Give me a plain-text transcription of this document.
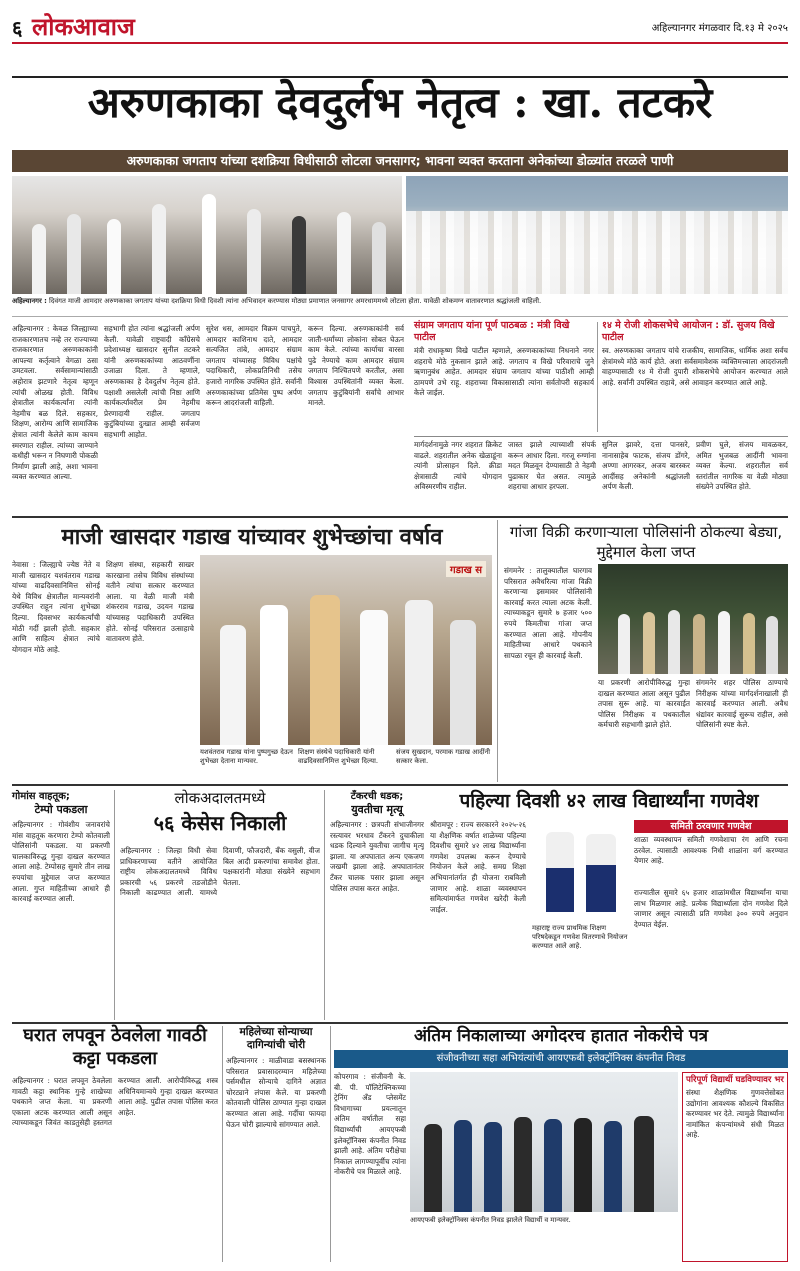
६ लोकआवाज	अहिल्यानगर मंगळवार दि.१३ मे २०२५
अरुणकाका देवदुर्लभ नेतृत्व : खा. तटकरे
अरुणकाका जगताप यांच्या दशक्रिया विधीसाठी लोटला जनसागर; भावना व्यक्त करताना अनेकांच्या डोळ्यांत तरळले पाणी
अहिल्यानगर : दिवंगत माजी आमदार अरुणकाका जगताप यांच्या दशक्रिया विधी दिवशी त्यांना अभिवादन करण्यास मोठ्या प्रमाणात जनसागर अमरधाममध्ये लोटला होता. यावेळी शोकमग्न वातावरणात श्रद्धांजली वाहिली.
अहिल्यानगर : केवळ जिल्ह्याच्या राजकारणातच नव्हे तर राज्याच्या राजकारणात अरुणकाकांनी आपल्या कर्तृत्वाने वेगळा ठसा उमटवला. सर्वसामान्यांसाठी अहोरात्र झटणारे नेतृत्व म्हणून त्यांची ओळख होती. विविध क्षेत्रातील कार्यकर्त्यांना त्यांनी नेहमीच बळ दिले. सहकार, शिक्षण, आरोग्य आणि सामाजिक क्षेत्रात त्यांनी केलेले काम कायम स्मरणात राहील. त्यांच्या जाण्याने कधीही भरून न निघणारी पोकळी निर्माण झाली आहे, अशा भावना व्यक्त करण्यात आल्या.
सहभागी होत त्यांना श्रद्धांजली अर्पण केली. यावेळी राष्ट्रवादी काँग्रेसचे प्रदेशाध्यक्ष खासदार सुनील तटकरे यांनी अरुणकाकांच्या आठवणींना उजाळा दिला. ते म्हणाले, अरुणकाका हे देवदुर्लभ नेतृत्व होते. पक्षाशी असलेली त्यांची निष्ठा आणि कार्यकर्त्यांवरील प्रेम नेहमीच प्रेरणादायी राहील. जगताप कुटुंबियांच्या दुःखात आम्ही सर्वजण सहभागी आहोत.
सुरेश धस, आमदार विक्रम पाचपुते, आमदार काशिनाथ दाते, आमदार सत्यजित तांबे, आमदार संग्राम जगताप यांच्यासह विविध पक्षांचे पदाधिकारी, लोकप्रतिनिधी तसेच हजारो नागरिक उपस्थित होते. सर्वांनी अरुणकाकांच्या प्रतिमेस पुष्प अर्पण करून आदरांजली वाहिली.
करून दिल्या. अरुणकाकांनी सर्व जाती-धर्मांच्या लोकांना सोबत घेऊन काम केले. त्यांच्या कार्याचा वारसा पुढे नेण्याचे काम आमदार संग्राम जगताप निश्चितपणे करतील, असा विश्वास उपस्थितांनी व्यक्त केला. जगताप कुटुंबियांनी सर्वांचे आभार मानले.
संग्राम जगताप यांना पूर्ण पाठबळ : मंत्री विखे पाटील
मंत्री राधाकृष्ण विखे पाटील म्हणाले, अरुणकाकांच्या निधनाने नगर शहराचे मोठे नुकसान झाले आहे. जगताप व विखे परिवाराचे जुने ऋणानुबंध आहेत. आमदार संग्राम जगताप यांच्या पाठीशी आम्ही ठामपणे उभे राहू. शहराच्या विकासासाठी त्यांना सर्वतोपरी सहकार्य केले जाईल.
१४ मे रोजी शोकसभेचे आयोजन : डॉ. सुजय विखे पाटील
स्व. अरुणकाका जगताप यांचे राजकीय, सामाजिक, धार्मिक अशा सर्वच क्षेत्रांमध्ये मोठे कार्य होते. अशा सर्वसमावेशक व्यक्तिमत्त्वाला आदरांजली वाहण्यासाठी १४ मे रोजी दुपारी शोकसभेचे आयोजन करण्यात आले आहे. सर्वांनी उपस्थित राहावे, असे आवाहन करण्यात आले आहे.
मार्गदर्शनामुळे नगर शहरात क्रिकेट वाढले. शहरातील अनेक खेळाडूंना त्यांनी प्रोत्साहन दिले. क्रीडा क्षेत्रासाठी त्यांचे योगदान अविस्मरणीय राहील.
जास्त झाले त्याच्याशी संपर्क करून आधार दिला. गरजू रुग्णांना मदत मिळवून देण्यासाठी ते नेहमी पुढाकार घेत असत. त्यामुळे शहराचा आधार हरपला.
सुनिल झावरे, दत्ता पानसरे, नानासाहेब फाटक, संजय डोंगरे, अण्णा आगरकर, अजय बारस्कर आदींसह अनेकांनी श्रद्धांजली अर्पण केली.
प्रवीण घुले, संजय मावळकर, अमित भुजबळ आदींनी भावना व्यक्त केल्या. शहरातील सर्व स्तरांतील नागरिक या वेळी मोठ्या संख्येने उपस्थित होते.
माजी खासदार गडाख यांच्यावर शुभेच्छांचा वर्षाव
नेवासा : जिल्ह्याचे ज्येष्ठ नेते व माजी खासदार यशवंतराव गडाख यांच्या वाढदिवसानिमित्त सोनई येथे विविध क्षेत्रातील मान्यवरांनी उपस्थित राहून त्यांना शुभेच्छा दिल्या. दिवसभर कार्यकर्त्यांची मोठी गर्दी झाली होती. सहकार आणि साहित्य क्षेत्रात त्यांचे योगदान मोठे आहे.
शिक्षण संस्था, सहकारी साखर कारखाना तसेच विविध संस्थांच्या वतीने त्यांचा सत्कार करण्यात आला. या वेळी माजी मंत्री शंकरराव गडाख, उदयन गडाख यांच्यासह पदाधिकारी उपस्थित होते. सोनई परिसरात उत्साहाचे वातावरण होते.
गडाख स
यशवंतराव गडाख यांना पुष्पगुच्छ देऊन शुभेच्छा देताना मान्यवर.
शिक्षण संस्थेचे पदाधिकारी यांनी वाढदिवसानिमित्त शुभेच्छा दिल्या.
संजय सुखदान, परमाक गडाख आदींनी सत्कार केला.
गांजा विक्री करणाऱ्याला पोलिसांनी ठोकल्या बेड्या, मुद्देमाल केला जप्त
संगमनेर : तालुक्यातील घारगाव परिसरात अवैधरित्या गांजा विक्री करणाऱ्या इसमावर पोलिसांनी कारवाई करत त्याला अटक केली. त्याच्याकडून सुमारे ७ हजार ५०० रुपये किमतीचा गांजा जप्त करण्यात आला आहे. गोपनीय माहितीच्या आधारे पथकाने सापळा रचून ही कारवाई केली.
या प्रकरणी आरोपीविरुद्ध गुन्हा दाखल करण्यात आला असून पुढील तपास सुरू आहे. या कारवाईत पोलिस निरीक्षक व पथकातील कर्मचारी सहभागी झाले होते.
संगमनेर शहर पोलिस ठाण्याचे निरीक्षक यांच्या मार्गदर्शनाखाली ही कारवाई करण्यात आली. अवैध धंद्यांवर कारवाई सुरूच राहील, असे पोलिसांनी स्पष्ट केले.
गोमांस वाहतूक;
टेम्पो पकडला
अहिल्यानगर : गोवंशीय जनावरांचे मांस वाहतूक करणारा टेम्पो कोतवाली पोलिसांनी पकडला. या प्रकरणी चालकाविरुद्ध गुन्हा दाखल करण्यात आला आहे. टेम्पोसह सुमारे तीन लाख रुपयांचा मुद्देमाल जप्त करण्यात आला. गुप्त माहितीच्या आधारे ही कारवाई करण्यात आली.
लोकअदालतमध्ये
५६ केसेस निकाली
अहिल्यानगर : जिल्हा विधी सेवा प्राधिकरणाच्या वतीने आयोजित राष्ट्रीय लोकअदालतमध्ये विविध प्रकारची ५६ प्रकरणे तडजोडीने निकाली काढण्यात आली. यामध्ये दिवाणी, फौजदारी, बँक वसुली, वीज बिल आदी प्रकरणांचा समावेश होता. पक्षकारांनी मोठ्या संख्येने सहभाग घेतला.
टँकरची धडक;
युवतीचा मृत्यू
अहिल्यानगर : छत्रपती संभाजीनगर रस्त्यावर भरधाव टँकरने दुचाकीला धडक दिल्याने युवतीचा जागीच मृत्यू झाला. या अपघातात अन्य एकजण जखमी झाला आहे. अपघातानंतर टँकर चालक पसार झाला असून पोलिस तपास करत आहेत.
पहिल्या दिवशी ४२ लाख विद्यार्थ्यांना गणवेश
श्रीरामपूर : राज्य सरकारने २०२५-२६ या शैक्षणिक वर्षात शाळेच्या पहिल्या दिवशीच सुमारे ४२ लाख विद्यार्थ्यांना गणवेश उपलब्ध करून देण्याचे नियोजन केले आहे. समग्र शिक्षा अभियानांतर्गत ही योजना राबविली जाणार आहे. शाळा व्यवस्थापन समित्यांमार्फत गणवेश खरेदी केली जाईल.
महाराष्ट्र राज्य प्राथमिक शिक्षण परिषदेकडून गणवेश वितरणाचे नियोजन करण्यात आले आहे.
समिती ठरवणार गणवेश
शाळा व्यवस्थापन समिती गणवेशाचा रंग आणि रचना ठरवेल. त्यासाठी आवश्यक निधी शाळांना वर्ग करण्यात येणार आहे.
राज्यातील सुमारे ६५ हजार शाळांमधील विद्यार्थ्यांना याचा लाभ मिळणार आहे. प्रत्येक विद्यार्थ्याला दोन गणवेश दिले जाणार असून त्यासाठी प्रति गणवेश ३०० रुपये अनुदान देण्यात येईल.
घरात लपवून ठेवलेला गावठी कट्टा पकडला
अहिल्यानगर : घरात लपवून ठेवलेला गावठी कट्टा स्थानिक गुन्हे शाखेच्या पथकाने जप्त केला. या प्रकरणी एकाला अटक करण्यात आली असून त्याच्याकडून जिवंत काडतुसेही हस्तगत करण्यात आली. आरोपीविरुद्ध शस्त्र अधिनियमान्वये गुन्हा दाखल करण्यात आला आहे. पुढील तपास पोलिस करत आहेत.
महिलेच्या सोन्याच्या दागिन्यांची चोरी
अहिल्यानगर : माळीवाडा बसस्थानक परिसरात प्रवासादरम्यान महिलेच्या पर्समधील सोन्याचे दागिने अज्ञात चोरट्याने लंपास केले. या प्रकरणी कोतवाली पोलिस ठाण्यात गुन्हा दाखल करण्यात आला आहे. गर्दीचा फायदा घेऊन चोरी झाल्याचे सांगण्यात आले.
अंतिम निकालाच्या अगोदरच हातात नोकरीचे पत्र
संजीवनीच्या सहा अभियंत्यांची आयएफबी इलेक्ट्रॉनिक्स कंपनीत निवड
कोपरगाव : संजीवनी के. बी. पी. पॉलिटेक्निकच्या ट्रेनिंग अँड प्लेसमेंट विभागाच्या प्रयत्नातून अंतिम वर्षातील सहा विद्यार्थ्यांची आयएफबी इलेक्ट्रॉनिक्स कंपनीत निवड झाली आहे. अंतिम परीक्षेचा निकाल लागण्यापूर्वीच त्यांना नोकरीचे पत्र मिळाले आहे.
आयएफबी इलेक्ट्रॉनिक्स कंपनीत निवड झालेले विद्यार्थी व मान्यवर.
परिपूर्ण विद्यार्थी घडविण्यावर भर
संस्था शैक्षणिक गुणवत्तेसोबत उद्योगांना आवश्यक कौशल्ये विकसित करण्यावर भर देते. त्यामुळे विद्यार्थ्यांना नामांकित कंपन्यांमध्ये संधी मिळत आहे.
